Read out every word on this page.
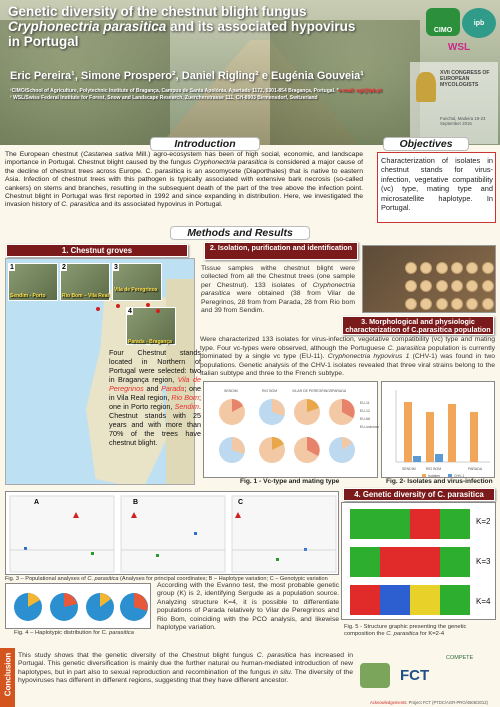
Genetic diversity of the chestnut blight fungus
Cryphonectria parasitica and its associated hypovirus
in Portugal
Eric Pereira¹, Simone Prospero², Daniel Rigling² e Eugénia Gouveia¹
¹CIMO/School of Agriculture, Polytechnic Institute of Bragança, Campus de Santa Apolónia, Apartado 1172, 5301-854 Bragança, Portugal. *e-mail: egi@ipb.pt
² WSL/Swiss Federal Institute for Forest, Snow and Landscape Research, Zuercherstrasse 111, CH-8903 Birmensdorf, Switzerland
CIMO
ipb
WSL
XVII CONGRESS OF EUROPEAN MYCOLOGISTS
Funchal, Madeira 19-23 September 2015
Introduction
The European chestnut (Castanea sativa Mill.) agro-ecosystem has been of high social, economic, and landscape importance in Portugal. Chestnut blight caused by the fungus Cryphonectria parasitica is considered a major cause of the decline of chestnut trees across Europe. C. parasitica is an ascomycete (Diaporthales) that is native to eastern Asia. Infection of chestnut trees with this pathogen is typically associated with extensive bark necrosis (so-called cankers) on stems and branches, resulting in the subsequent death of the part of the tree above the infection point. Chestnut blight in Portugal was first reported in 1992 and since expanding in distribution. Here, we investigated the invasion history of C. parasitica and its associated hypovirus in Portugal.
Objectives
Characterization of isolates in chestnut stands for virus-infection, vegetative compatibility (vc) type, mating type and microsatellite haplotype. In Portugal.
Methods and Results
1. Chestnut groves
1
Sendim - Porto
2
Rio Bom – Vila Real
3
Vila de Peregrinos
4
Parada - Bragança
Four Chestnut stands located in Northern of Portugal were selected: two in Bragança region, Vila de Peregrinos and Parada; one in Vila Real region, Rio Bom; one in Porto region, Sendim. Chestnut stands with 25 years and with more than 70% of the trees have chestnut blight.
2. Isolation, purification and identification
Tissue samples withe chestnut blight were collected from all the Chestnut trees (one sample per Chestnut). 133 isolates of Cryphonectria parasitica were obtained (38 from Vilar de Peregrinos, 28 from from Parada, 28 from Rio bom and 39 from Sendim.
3. Morphological and physiologic characterization of C.parasitica population
Were characterized 133 isolates for virus-infection, vegetative compatibility (vc) type and mating type. Four vc-types were observed, although the Portuguese C. parasitica population is currently dominated by a single vc type (EU-11). Cryphonectria hypovirus 1 (CHV-1) was found in two populations. Genetic analysis of the CHV-1 isolates revealed that three viral strains belong to the Italian subtype and three to the French subtype.
SENDIM	RIO BOM	VILAR DE PEREGRINOS PARADA
EU-11
EU-12
EU-66
EU-unknown
SENDIM	RIO BOM	PARADA
Isolates	CHV-1
Fig. 1 - Vc-type and mating type	Fig. 2- Isolates and virus-infection
A	B	C
Fig. 3 – Populational analyses of C. parasitica (Analyses for principal coordinates; B – Haplotype variation; C – Genotypic variation
Fig. 4 – Haplotypic distribution for C. parasitica
According with the Evanno test, the most probable genetic group (K) is 2, identifying Sergude as a population source. Analyzing structure K=4, it is possible to differentiate populations of Parada relatively to Vilar de Peregrinos and Rio Bom, coinciding with the PCO analysis, and likewise haplotype variation.
4. Genetic diversity of C. parasitica
K=2
K=3
K=4
Fig. 5 - Structure graphic presenting the genetic composition the C. parasitica for K=2-4
Conclusion This study shows that the genetic diversity of the Chestnut blight fungus C. parasitica has increased in Portugal. This genetic diversification is mainly due the further natural ou human-mediated introduction of new haplotypes, but in part also to sexual reproduction and recombination of the fungus in situ. The diversity of the hypoviruses has different in different regions, suggesting that they have different ancestor.	FCT
COMPETE
Acknowledgements: Project FCT (PTDC/AGR-PRO/4606/2012)
